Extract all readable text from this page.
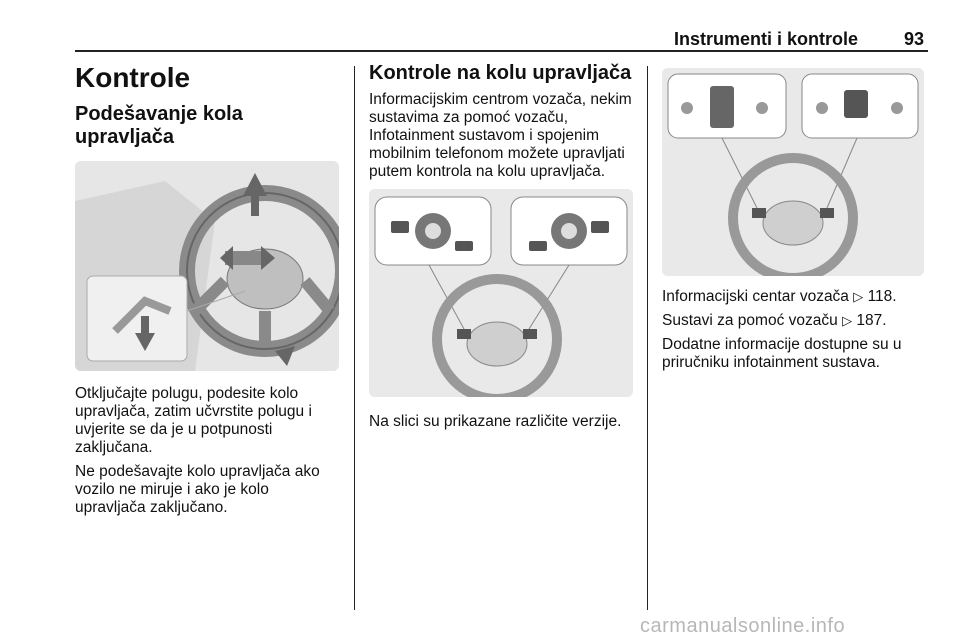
Instrumenti i kontrole	93
Kontrole
Podešavanje kola upravljača

Otključajte polugu, podesite kolo upravljača, zatim učvrstite polugu i uvjerite se da je u potpunosti zaključana.

Ne podešavajte kolo upravljača ako vozilo ne miruje i ako je kolo upravljača zaključano.

Kontrole na kolu upravljača

Informacijskim centrom vozača, nekim sustavima za pomoć vozaču, Infotainment sustavom i spojenim mobilnim telefonom možete upravljati putem kontrola na kolu upravljača.

Na slici su prikazane različite verzije.

Informacijski centar vozača ▷ 118.

Sustavi za pomoć vozaču ▷ 187.

Dodatne informacije dostupne su u priručniku infotainment sustava.

carmanualsonline.info
